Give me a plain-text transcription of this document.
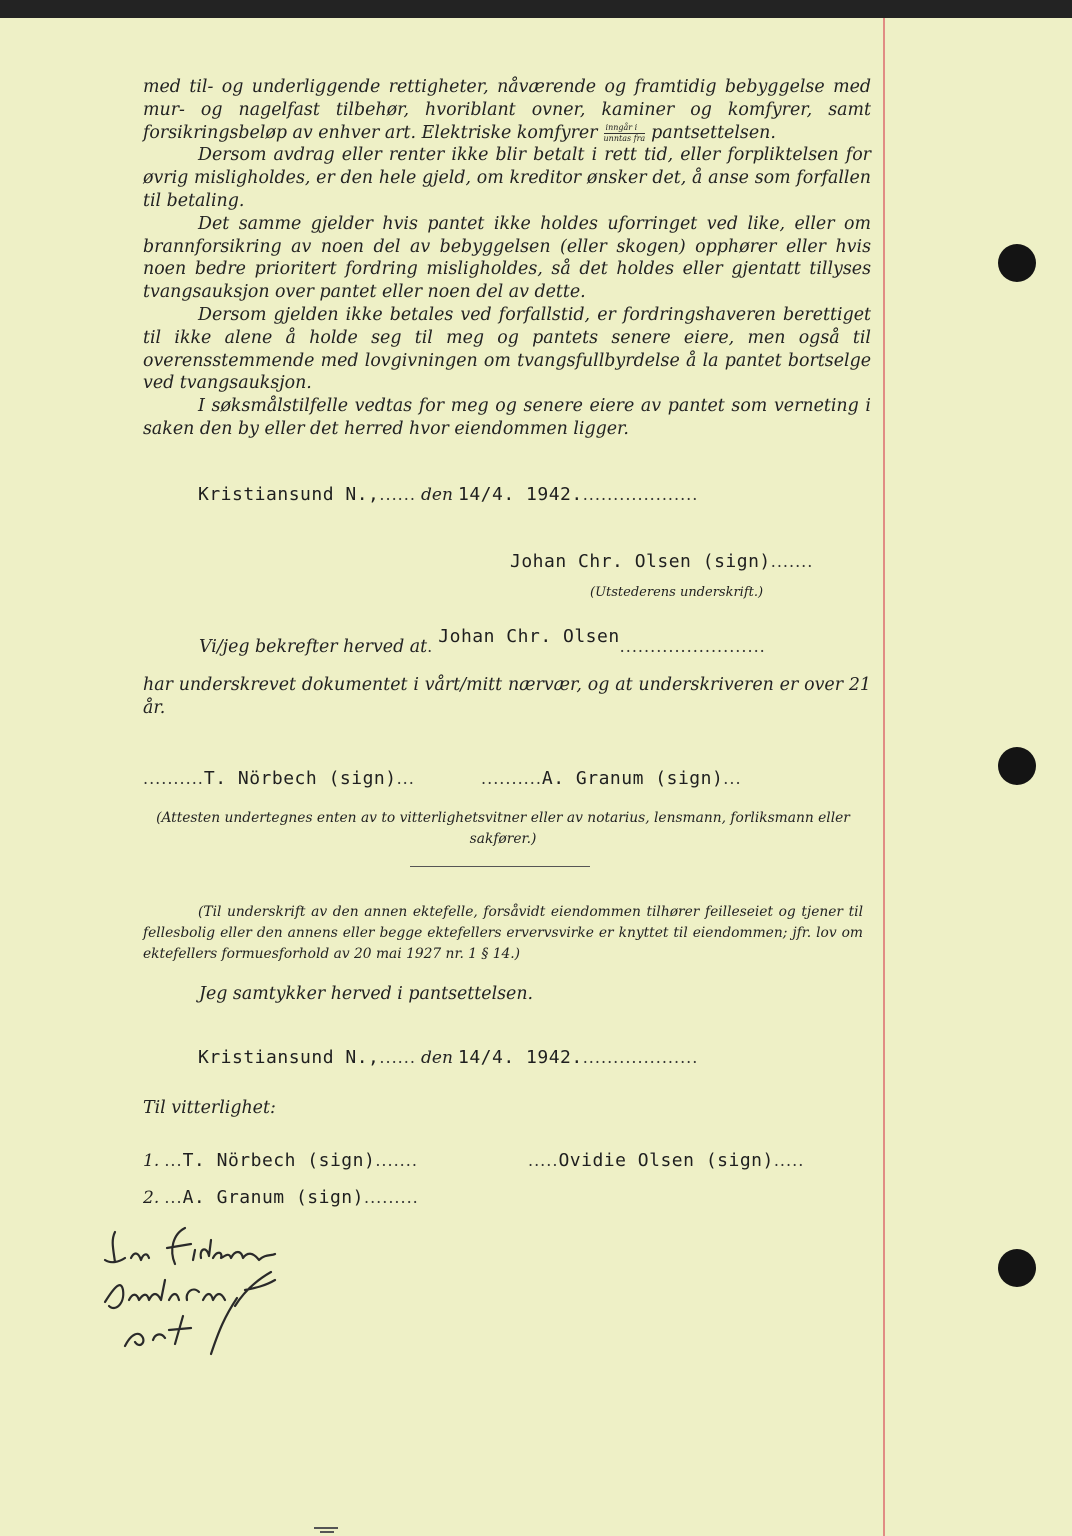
med til- og underliggende rettigheter, nåværende og framtidig bebyggelse med mur- og nagelfast tilbehør, hvoriblant ovner, kaminer og komfyrer, samt forsikringsbeløp av enhver art. Elektriske komfyrer $\frac{\text{inngår i}}{\text{unntas fra}}$ pantsettelsen.

Dersom avdrag eller renter ikke blir betalt i rett tid, eller forpliktelsen for øvrig misligholdes, er den hele gjeld, om kreditor ønsker det, å anse som forfallen til betaling.

Det samme gjelder hvis pantet ikke holdes uforringet ved like, eller om brannforsikring av noen del av bebyggelsen (eller skogen) opphører eller hvis noen bedre prioritert fordring misligholdes, så det holdes eller gjentatt tillyses tvangsauksjon over pantet eller noen del av dette.

Dersom gjelden ikke betales ved forfallstid, er fordringshaveren berettiget til ikke alene å holde seg til meg og pantets senere eiere, men også til overensstemmende med lovgivningen om tvangsfullbyrdelse å la pantet bortselge ved tvangsauksjon.

I søksmålstilfelle vedtas for meg og senere eiere av pantet som verneting i saken den by eller det herred hvor eiendommen ligger.

Kristiansund N.,...... den 14/4. 1942....................
Johan Chr. Olsen (sign).......
(Utstederens underskrift.)
Vi/jeg bekrefter herved at. Johan Chr. Olsen........................

har underskrevet dokumentet i vårt/mitt nærvær, og at underskriveren er over 21 år.

..........T. Nörbech (sign)...	..........A. Granum (sign)...
(Attesten undertegnes enten av to vitterlighetsvitner eller av notarius, lensmann, forliksmann eller sakfører.)
(Til underskrift av den annen ektefelle, forsåvidt eiendommen tilhører feilleseiet og tjener til fellesbolig eller den annens eller begge ektefellers ervervsvirke er knyttet til eiendommen; jfr. lov om ektefellers formuesforhold av 20 mai 1927 nr. 1 § 14.)
Jeg samtykker herved i pantsettelsen.
Kristiansund N.,...... den 14/4. 1942....................
Til vitterlighet:
1. ...T. Nörbech (sign).......	.....Ovidie Olsen (sign).....
2. ...A. Granum (sign).........
In fidem Lundwall act.
